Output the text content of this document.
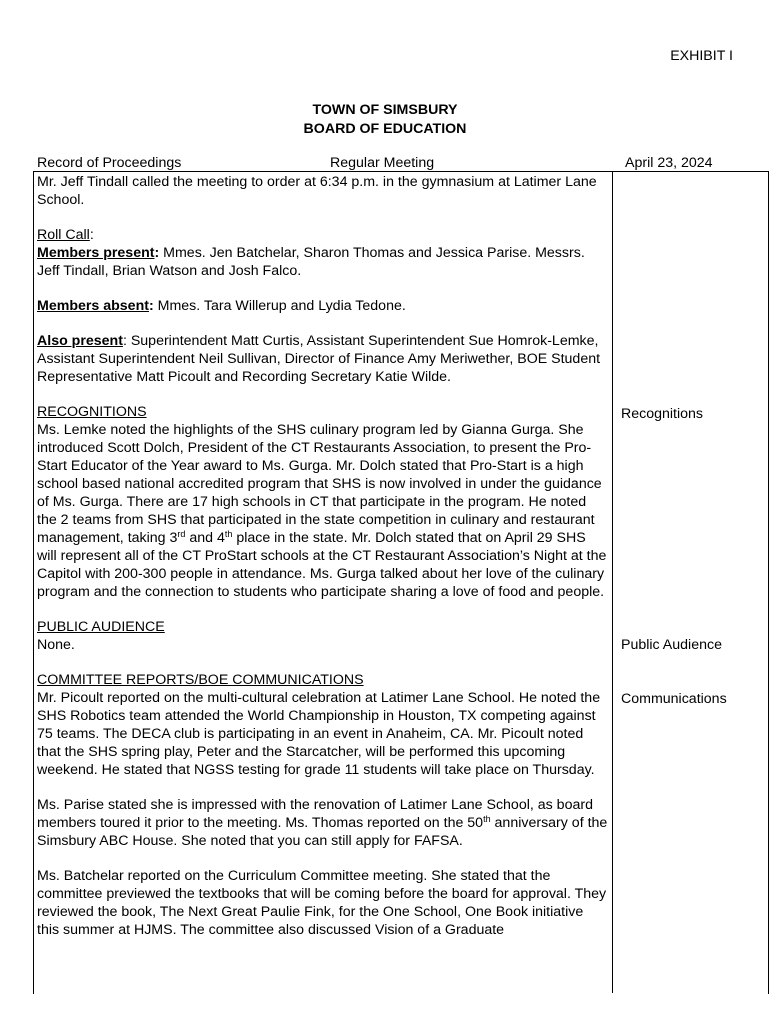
EXHIBIT I
TOWN OF SIMSBURY
BOARD OF EDUCATION
Record of Proceedings	Regular Meeting	April 23, 2024

Mr. Jeff Tindall called the meeting to order at 6:34 p.m. in the gymnasium at Latimer Lane School.

Roll Call:
Members present: Mmes. Jen Batchelar, Sharon Thomas and Jessica Parise. Messrs. Jeff Tindall, Brian Watson and Josh Falco.

Members absent: Mmes. Tara Willerup and Lydia Tedone.

Also present: Superintendent Matt Curtis, Assistant Superintendent Sue Homrok-Lemke, Assistant Superintendent Neil Sullivan, Director of Finance Amy Meriwether, BOE Student Representative Matt Picoult and Recording Secretary Katie Wilde.

RECOGNITIONS
Ms. Lemke noted the highlights of the SHS culinary program led by Gianna Gurga. She introduced Scott Dolch, President of the CT Restaurants Association, to present the Pro-Start Educator of the Year award to Ms. Gurga. Mr. Dolch stated that Pro-Start is a high school based national accredited program that SHS is now involved in under the guidance of Ms. Gurga. There are 17 high schools in CT that participate in the program. He noted the 2 teams from SHS that participated in the state competition in culinary and restaurant management, taking 3rd and 4th place in the state. Mr. Dolch stated that on April 29 SHS will represent all of the CT ProStart schools at the CT Restaurant Association’s Night at the Capitol with 200-300 people in attendance. Ms. Gurga talked about her love of the culinary program and the connection to students who participate sharing a love of food and people.

PUBLIC AUDIENCE
None.

COMMITTEE REPORTS/BOE COMMUNICATIONS
Mr. Picoult reported on the multi-cultural celebration at Latimer Lane School. He noted the SHS Robotics team attended the World Championship in Houston, TX competing against 75 teams. The DECA club is participating in an event in Anaheim, CA. Mr. Picoult noted that the SHS spring play, Peter and the Starcatcher, will be performed this upcoming weekend. He stated that NGSS testing for grade 11 students will take place on Thursday.

Ms. Parise stated she is impressed with the renovation of Latimer Lane School, as board members toured it prior to the meeting. Ms. Thomas reported on the 50th anniversary of the Simsbury ABC House. She noted that you can still apply for FAFSA.

Ms. Batchelar reported on the Curriculum Committee meeting. She stated that the committee previewed the textbooks that will be coming before the board for approval. They reviewed the book, The Next Great Paulie Fink, for the One School, One Book initiative this summer at HJMS. The committee also discussed Vision of a Graduate

Recognitions
Public Audience
Communications
